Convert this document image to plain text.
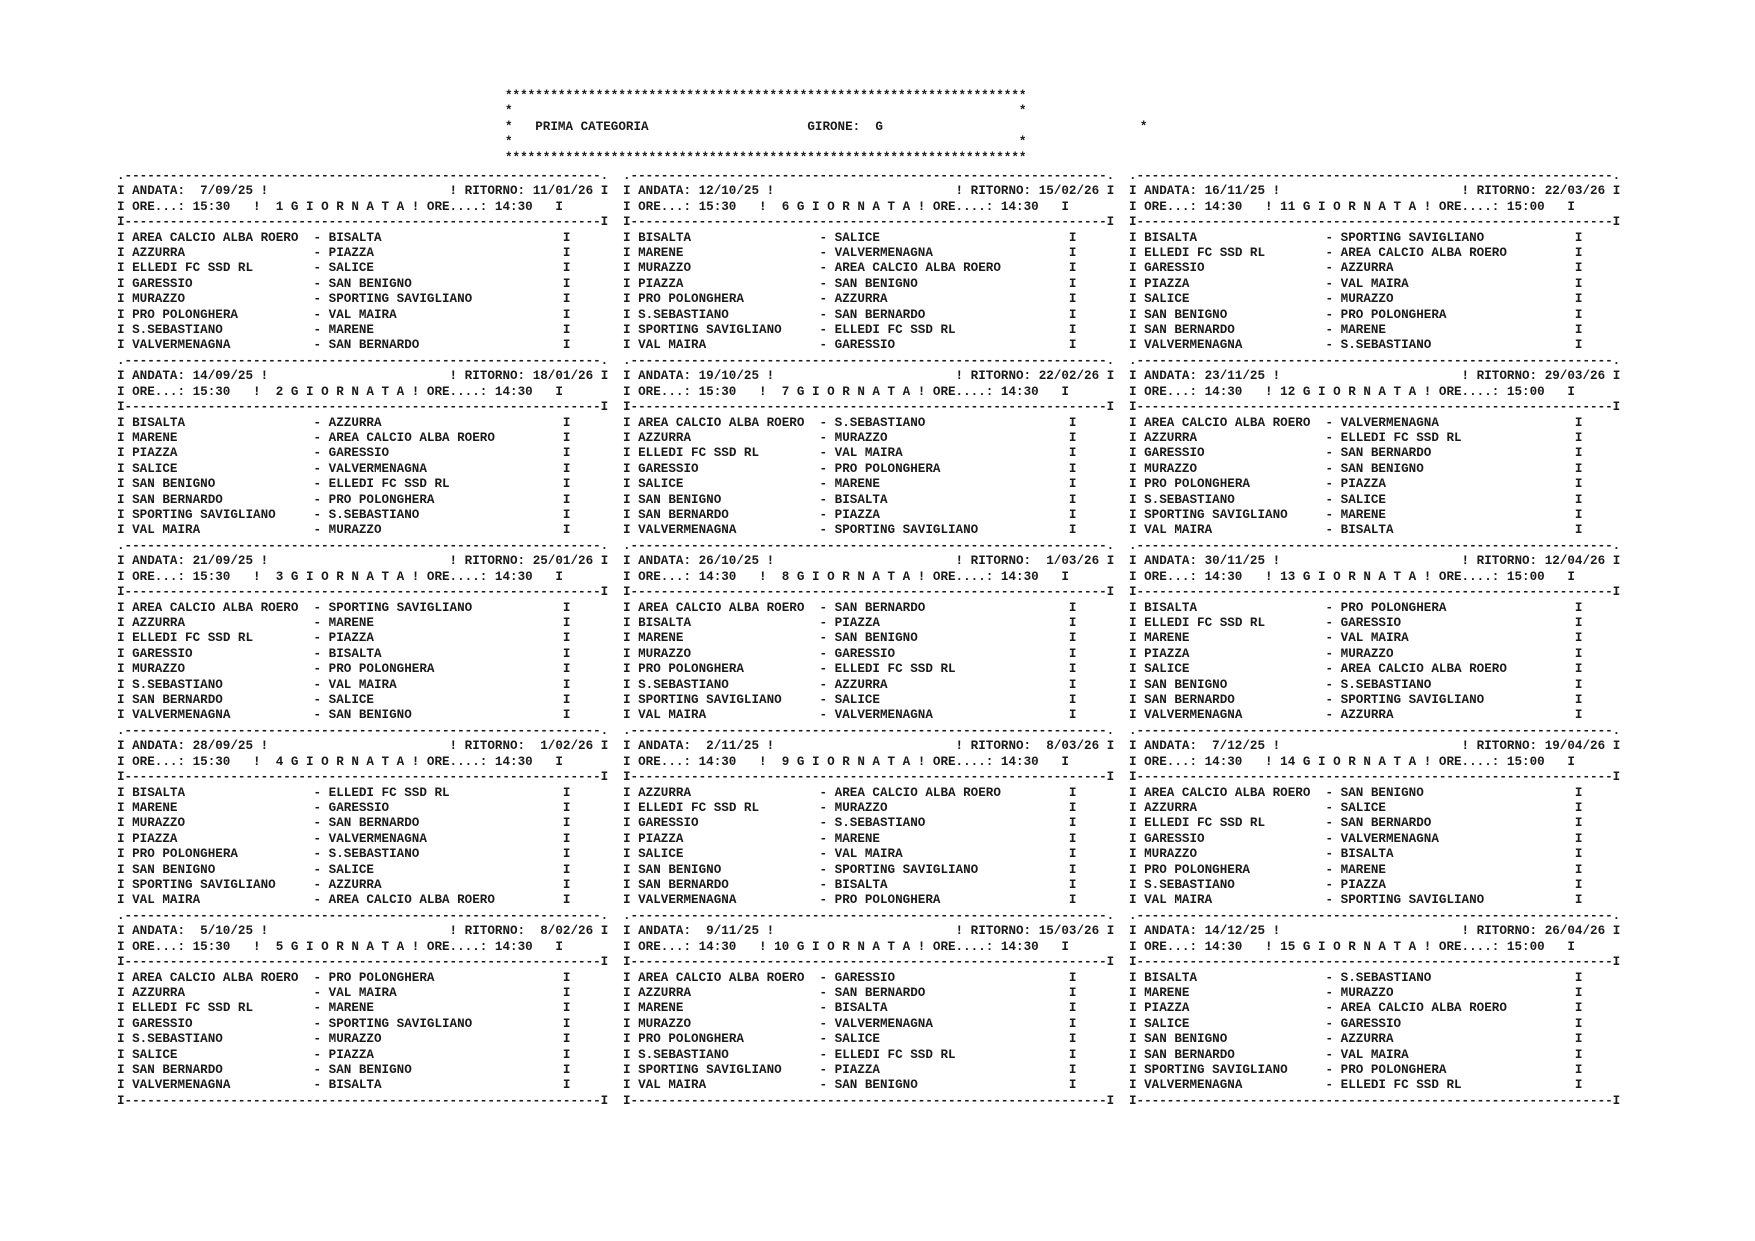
*********************************************************************
*                                                                   *
*   PRIMA CATEGORIA	GIRONE: G	*
*                                                                   *
*********************************************************************
.---------------------------------------------------------------.
I ANDATA:  7/09/25 !                        ! RITORNO: 11/01/26 I
I ORE...: 15:30   !  1 G I O R N A T A ! ORE....: 14:30   I
I---------------------------------------------------------------I
I AREA CALCIO ALBA ROERO  - BISALTA                        I
I AZZURRA                 - PIAZZA                         I
I ELLEDI FC SSD RL        - SALICE                         I
I GARESSIO                - SAN BENIGNO                    I
I MURAZZO                 - SPORTING SAVIGLIANO            I
I PRO POLONGHERA          - VAL MAIRA                      I
I S.SEBASTIANO            - MARENE                         I
I VALVERMENAGNA           - SAN BERNARDO                   I
.---------------------------------------------------------------.
I ANDATA: 14/09/25 !                        ! RITORNO: 18/01/26 I
I ORE...: 15:30   !  2 G I O R N A T A ! ORE....: 14:30   I
I---------------------------------------------------------------I
I BISALTA                 - AZZURRA                        I
I MARENE                  - AREA CALCIO ALBA ROERO         I
I PIAZZA                  - GARESSIO                       I
I SALICE                  - VALVERMENAGNA                  I
I SAN BENIGNO             - ELLEDI FC SSD RL               I
I SAN BERNARDO            - PRO POLONGHERA                 I
I SPORTING SAVIGLIANO     - S.SEBASTIANO                   I
I VAL MAIRA               - MURAZZO                        I
.---------------------------------------------------------------.
I ANDATA: 21/09/25 !                        ! RITORNO: 25/01/26 I
I ORE...: 15:30   !  3 G I O R N A T A ! ORE....: 14:30   I
I---------------------------------------------------------------I
I AREA CALCIO ALBA ROERO  - SPORTING SAVIGLIANO            I
I AZZURRA                 - MARENE                         I
I ELLEDI FC SSD RL        - PIAZZA                         I
I GARESSIO                - BISALTA                        I
I MURAZZO                 - PRO POLONGHERA                 I
I S.SEBASTIANO            - VAL MAIRA                      I
I SAN BERNARDO            - SALICE                         I
I VALVERMENAGNA           - SAN BENIGNO                    I
.---------------------------------------------------------------.
I ANDATA: 28/09/25 !                        ! RITORNO:  1/02/26 I
I ORE...: 15:30   !  4 G I O R N A T A ! ORE....: 14:30   I
I---------------------------------------------------------------I
I BISALTA                 - ELLEDI FC SSD RL               I
I MARENE                  - GARESSIO                       I
I MURAZZO                 - SAN BERNARDO                   I
I PIAZZA                  - VALVERMENAGNA                  I
I PRO POLONGHERA          - S.SEBASTIANO                   I
I SAN BENIGNO             - SALICE                         I
I SPORTING SAVIGLIANO     - AZZURRA                        I
I VAL MAIRA               - AREA CALCIO ALBA ROERO         I
.---------------------------------------------------------------.
I ANDATA:  5/10/25 !                        ! RITORNO:  8/02/26 I
I ORE...: 15:30   !  5 G I O R N A T A ! ORE....: 14:30   I
I---------------------------------------------------------------I
I AREA CALCIO ALBA ROERO  - PRO POLONGHERA                 I
I AZZURRA                 - VAL MAIRA                      I
I ELLEDI FC SSD RL        - MARENE                         I
I GARESSIO                - SPORTING SAVIGLIANO            I
I S.SEBASTIANO            - MURAZZO                        I
I SALICE                  - PIAZZA                         I
I SAN BERNARDO            - SAN BENIGNO                    I
I VALVERMENAGNA           - BISALTA                        I
I---------------------------------------------------------------I
.---------------------------------------------------------------.
I ANDATA: 12/10/25 !                        ! RITORNO: 15/02/26 I
I ORE...: 15:30   !  6 G I O R N A T A ! ORE....: 14:30   I
I---------------------------------------------------------------I
I BISALTA                 - SALICE                         I
I MARENE                  - VALVERMENAGNA                  I
I MURAZZO                 - AREA CALCIO ALBA ROERO         I
I PIAZZA                  - SAN BENIGNO                    I
I PRO POLONGHERA          - AZZURRA                        I
I S.SEBASTIANO            - SAN BERNARDO                   I
I SPORTING SAVIGLIANO     - ELLEDI FC SSD RL               I
I VAL MAIRA               - GARESSIO                       I
.---------------------------------------------------------------.
I ANDATA: 19/10/25 !                        ! RITORNO: 22/02/26 I
I ORE...: 15:30   !  7 G I O R N A T A ! ORE....: 14:30   I
I---------------------------------------------------------------I
I AREA CALCIO ALBA ROERO  - S.SEBASTIANO                   I
I AZZURRA                 - MURAZZO                        I
I ELLEDI FC SSD RL        - VAL MAIRA                      I
I GARESSIO                - PRO POLONGHERA                 I
I SALICE                  - MARENE                         I
I SAN BENIGNO             - BISALTA                        I
I SAN BERNARDO            - PIAZZA                         I
I VALVERMENAGNA           - SPORTING SAVIGLIANO            I
.---------------------------------------------------------------.
I ANDATA: 26/10/25 !                        ! RITORNO:  1/03/26 I
I ORE...: 14:30   !  8 G I O R N A T A ! ORE....: 14:30   I
I---------------------------------------------------------------I
I AREA CALCIO ALBA ROERO  - SAN BERNARDO                   I
I BISALTA                 - PIAZZA                         I
I MARENE                  - SAN BENIGNO                    I
I MURAZZO                 - GARESSIO                       I
I PRO POLONGHERA          - ELLEDI FC SSD RL               I
I S.SEBASTIANO            - AZZURRA                        I
I SPORTING SAVIGLIANO     - SALICE                         I
I VAL MAIRA               - VALVERMENAGNA                  I
.---------------------------------------------------------------.
I ANDATA:  2/11/25 !                        ! RITORNO:  8/03/26 I
I ORE...: 14:30   !  9 G I O R N A T A ! ORE....: 14:30   I
I---------------------------------------------------------------I
I AZZURRA                 - AREA CALCIO ALBA ROERO         I
I ELLEDI FC SSD RL        - MURAZZO                        I
I GARESSIO                - S.SEBASTIANO                   I
I PIAZZA                  - MARENE                         I
I SALICE                  - VAL MAIRA                      I
I SAN BENIGNO             - SPORTING SAVIGLIANO            I
I SAN BERNARDO            - BISALTA                        I
I VALVERMENAGNA           - PRO POLONGHERA                 I
.---------------------------------------------------------------.
I ANDATA:  9/11/25 !                        ! RITORNO: 15/03/26 I
I ORE...: 14:30   ! 10 G I O R N A T A ! ORE....: 14:30   I
I---------------------------------------------------------------I
I AREA CALCIO ALBA ROERO  - GARESSIO                       I
I AZZURRA                 - SAN BERNARDO                   I
I MARENE                  - BISALTA                        I
I MURAZZO                 - VALVERMENAGNA                  I
I PRO POLONGHERA          - SALICE                         I
I S.SEBASTIANO            - ELLEDI FC SSD RL               I
I SPORTING SAVIGLIANO     - PIAZZA                         I
I VAL MAIRA               - SAN BENIGNO                    I
I---------------------------------------------------------------I
.---------------------------------------------------------------.
I ANDATA: 16/11/25 !                        ! RITORNO: 22/03/26 I
I ORE...: 14:30   ! 11 G I O R N A T A ! ORE....: 15:00   I
I---------------------------------------------------------------I
I BISALTA                 - SPORTING SAVIGLIANO            I
I ELLEDI FC SSD RL        - AREA CALCIO ALBA ROERO         I
I GARESSIO                - AZZURRA                        I
I PIAZZA                  - VAL MAIRA                      I
I SALICE                  - MURAZZO                        I
I SAN BENIGNO             - PRO POLONGHERA                 I
I SAN BERNARDO            - MARENE                         I
I VALVERMENAGNA           - S.SEBASTIANO                   I
.---------------------------------------------------------------.
I ANDATA: 23/11/25 !                        ! RITORNO: 29/03/26 I
I ORE...: 14:30   ! 12 G I O R N A T A ! ORE....: 15:00   I
I---------------------------------------------------------------I
I AREA CALCIO ALBA ROERO  - VALVERMENAGNA                  I
I AZZURRA                 - ELLEDI FC SSD RL               I
I GARESSIO                - SAN BERNARDO                   I
I MURAZZO                 - SAN BENIGNO                    I
I PRO POLONGHERA          - PIAZZA                         I
I S.SEBASTIANO            - SALICE                         I
I SPORTING SAVIGLIANO     - MARENE                         I
I VAL MAIRA               - BISALTA                        I
.---------------------------------------------------------------.
I ANDATA: 30/11/25 !                        ! RITORNO: 12/04/26 I
I ORE...: 14:30   ! 13 G I O R N A T A ! ORE....: 15:00   I
I---------------------------------------------------------------I
I BISALTA                 - PRO POLONGHERA                 I
I ELLEDI FC SSD RL        - GARESSIO                       I
I MARENE                  - VAL MAIRA                      I
I PIAZZA                  - MURAZZO                        I
I SALICE                  - AREA CALCIO ALBA ROERO         I
I SAN BENIGNO             - S.SEBASTIANO                   I
I SAN BERNARDO            - SPORTING SAVIGLIANO            I
I VALVERMENAGNA           - AZZURRA                        I
.---------------------------------------------------------------.
I ANDATA:  7/12/25 !                        ! RITORNO: 19/04/26 I
I ORE...: 14:30   ! 14 G I O R N A T A ! ORE....: 15:00   I
I---------------------------------------------------------------I
I AREA CALCIO ALBA ROERO  - SAN BENIGNO                    I
I AZZURRA                 - SALICE                         I
I ELLEDI FC SSD RL        - SAN BERNARDO                   I
I GARESSIO                - VALVERMENAGNA                  I
I MURAZZO                 - BISALTA                        I
I PRO POLONGHERA          - MARENE                         I
I S.SEBASTIANO            - PIAZZA                         I
I VAL MAIRA               - SPORTING SAVIGLIANO            I
.---------------------------------------------------------------.
I ANDATA: 14/12/25 !                        ! RITORNO: 26/04/26 I
I ORE...: 14:30   ! 15 G I O R N A T A ! ORE....: 15:00   I
I---------------------------------------------------------------I
I BISALTA                 - S.SEBASTIANO                   I
I MARENE                  - MURAZZO                        I
I PIAZZA                  - AREA CALCIO ALBA ROERO         I
I SALICE                  - GARESSIO                       I
I SAN BENIGNO             - AZZURRA                        I
I SAN BERNARDO            - VAL MAIRA                      I
I SPORTING SAVIGLIANO     - PRO POLONGHERA                 I
I VALVERMENAGNA           - ELLEDI FC SSD RL               I
I---------------------------------------------------------------I
